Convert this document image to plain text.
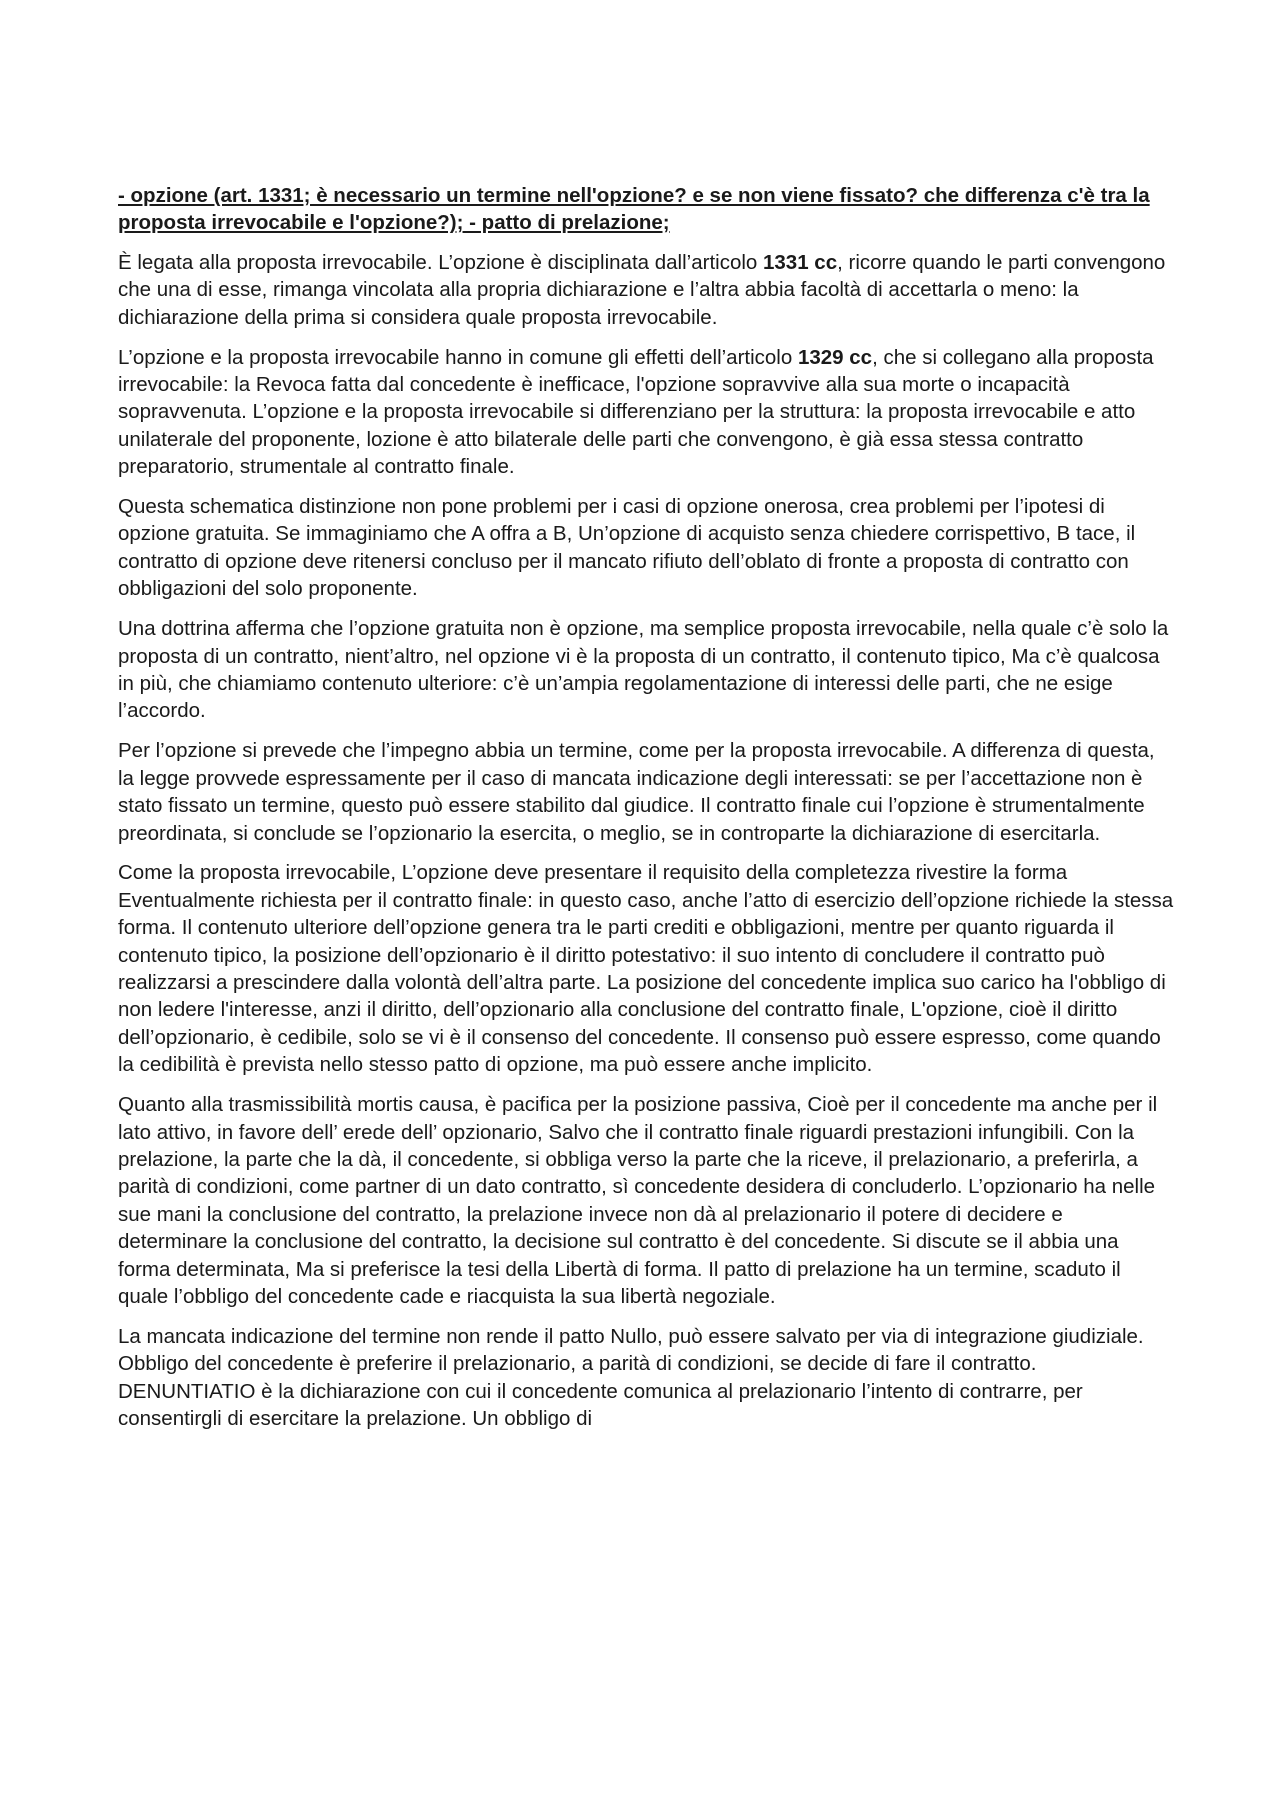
- opzione (art. 1331; è necessario un termine nell'opzione? e se non viene fissato? che differenza c'è tra la proposta irrevocabile e l'opzione?); - patto di prelazione;

È legata alla proposta irrevocabile. L’opzione è disciplinata dall’articolo 1331 cc, ricorre quando le parti convengono che una di esse, rimanga vincolata alla propria dichiarazione e l’altra abbia facoltà di accettarla o meno: la dichiarazione della prima si considera quale proposta irrevocabile.

L’opzione e la proposta irrevocabile hanno in comune gli effetti dell’articolo 1329 cc, che si collegano alla proposta irrevocabile: la Revoca fatta dal concedente è inefficace, l'opzione sopravvive alla sua morte o incapacità sopravvenuta. L’opzione e la proposta irrevocabile si differenziano per la struttura: la proposta irrevocabile e atto unilaterale del proponente, lozione è atto bilaterale delle parti che convengono, è già essa stessa contratto preparatorio, strumentale al contratto finale.

Questa schematica distinzione non pone problemi per i casi di opzione onerosa, crea problemi per l’ipotesi di opzione gratuita. Se immaginiamo che A offra a B, Un’opzione di acquisto senza chiedere corrispettivo, B tace, il contratto di opzione deve ritenersi concluso per il mancato rifiuto dell’oblato di fronte a proposta di contratto con obbligazioni del solo proponente.

Una dottrina afferma che l’opzione gratuita non è opzione, ma semplice proposta irrevocabile, nella quale c’è solo la proposta di un contratto, nient’altro, nel opzione vi è la proposta di un contratto, il contenuto tipico, Ma c’è qualcosa in più, che chiamiamo contenuto ulteriore: c’è un’ampia regolamentazione di interessi delle parti, che ne esige l’accordo.

Per l’opzione si prevede che l’impegno abbia un termine, come per la proposta irrevocabile. A differenza di questa, la legge provvede espressamente per il caso di mancata indicazione degli interessati: se per l’accettazione non è stato fissato un termine, questo può essere stabilito dal giudice. Il contratto finale cui l’opzione è strumentalmente preordinata, si conclude se l’opzionario la esercita, o meglio, se in controparte la dichiarazione di esercitarla.

Come la proposta irrevocabile, L’opzione deve presentare il requisito della completezza rivestire la forma Eventualmente richiesta per il contratto finale: in questo caso, anche l’atto di esercizio dell’opzione richiede la stessa forma. Il contenuto ulteriore dell’opzione genera tra le parti crediti e obbligazioni, mentre per quanto riguarda il contenuto tipico, la posizione dell’opzionario è il diritto potestativo: il suo intento di concludere il contratto può realizzarsi a prescindere dalla volontà dell’altra parte. La posizione del concedente implica suo carico ha l'obbligo di non ledere l'interesse, anzi il diritto, dell’opzionario alla conclusione del contratto finale, L'opzione, cioè il diritto dell’opzionario, è cedibile, solo se vi è il consenso del concedente. Il consenso può essere espresso, come quando la cedibilità è prevista nello stesso patto di opzione, ma può essere anche implicito.

Quanto alla trasmissibilità mortis causa, è pacifica per la posizione passiva, Cioè per il concedente ma anche per il lato attivo, in favore dell’ erede dell’ opzionario, Salvo che il contratto finale riguardi prestazioni infungibili. Con la prelazione, la parte che la dà, il concedente, si obbliga verso la parte che la riceve, il prelazionario, a preferirla, a parità di condizioni, come partner di un dato contratto, sì concedente desidera di concluderlo. L’opzionario ha nelle sue mani la conclusione del contratto, la prelazione invece non dà al prelazionario il potere di decidere e determinare la conclusione del contratto, la decisione sul contratto è del concedente. Si discute se il abbia una forma determinata, Ma si preferisce la tesi della Libertà di forma. Il patto di prelazione ha un termine, scaduto il quale l’obbligo del concedente cade e riacquista la sua libertà negoziale.

La mancata indicazione del termine non rende il patto Nullo, può essere salvato per via di integrazione giudiziale. Obbligo del concedente è preferire il prelazionario, a parità di condizioni, se decide di fare il contratto. DENUNTIATIO è la dichiarazione con cui il concedente comunica al prelazionario l’intento di contrarre, per consentirgli di esercitare la prelazione. Un obbligo di
